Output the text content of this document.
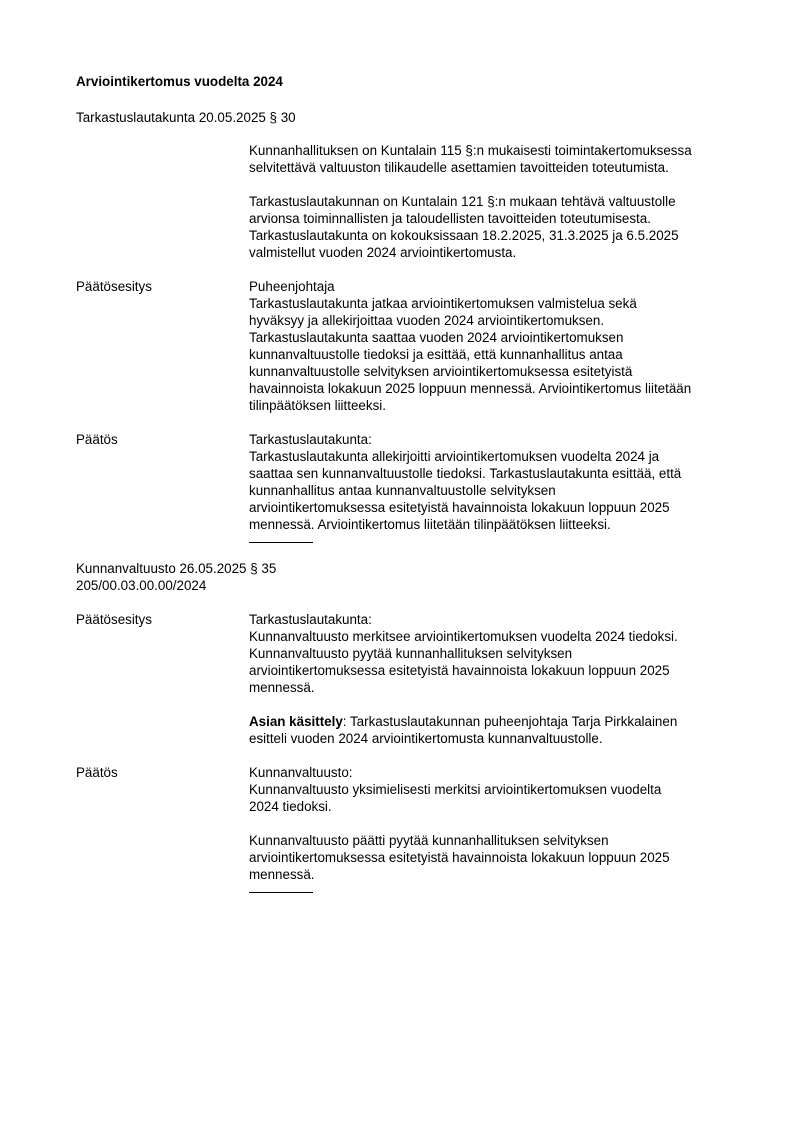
Arviointikertomus vuodelta 2024
Tarkastuslautakunta 20.05.2025 § 30
Kunnanhallituksen on Kuntalain 115 §:n mukaisesti toimintakertomuksessa
selvitettävä valtuuston tilikaudelle asettamien tavoitteiden toteutumista.
Tarkastuslautakunnan on Kuntalain 121 §:n mukaan tehtävä valtuustolle
arvionsa toiminnallisten ja taloudellisten tavoitteiden toteutumisesta.
Tarkastuslautakunta on kokouksissaan 18.2.2025, 31.3.2025 ja 6.5.2025
valmistellut vuoden 2024 arviointikertomusta.
Päätösesitys	Puheenjohtaja
Tarkastuslautakunta jatkaa arviointikertomuksen valmistelua sekä
hyväksyy ja allekirjoittaa vuoden 2024 arviointikertomuksen.
Tarkastuslautakunta saattaa vuoden 2024 arviointikertomuksen
kunnanvaltuustolle tiedoksi ja esittää, että kunnanhallitus antaa
kunnanvaltuustolle selvityksen arviointikertomuksessa esitetyistä
havainnoista lokakuun 2025 loppuun mennessä. Arviointikertomus liitetään
tilinpäätöksen liitteeksi.
Päätös	Tarkastuslautakunta:
Tarkastuslautakunta allekirjoitti arviointikertomuksen vuodelta 2024 ja
saattaa sen kunnanvaltuustolle tiedoksi. Tarkastuslautakunta esittää, että
kunnanhallitus antaa kunnanvaltuustolle selvityksen
arviointikertomuksessa esitetyistä havainnoista lokakuun loppuun 2025
mennessä. Arviointikertomus liitetään tilinpäätöksen liitteeksi.
Kunnanvaltuusto 26.05.2025 § 35
205/00.03.00.00/2024
Päätösesitys	Tarkastuslautakunta:
Kunnanvaltuusto merkitsee arviointikertomuksen vuodelta 2024 tiedoksi.
Kunnanvaltuusto pyytää kunnanhallituksen selvityksen
arviointikertomuksessa esitetyistä havainnoista lokakuun loppuun 2025
mennessä.
Asian käsittely: Tarkastuslautakunnan puheenjohtaja Tarja Pirkkalainen
esitteli vuoden 2024 arviointikertomusta kunnanvaltuustolle.
Päätös	Kunnanvaltuusto:
Kunnanvaltuusto yksimielisesti merkitsi arviointikertomuksen vuodelta
2024 tiedoksi.
Kunnanvaltuusto päätti pyytää kunnanhallituksen selvityksen
arviointikertomuksessa esitetyistä havainnoista lokakuun loppuun 2025
mennessä.
